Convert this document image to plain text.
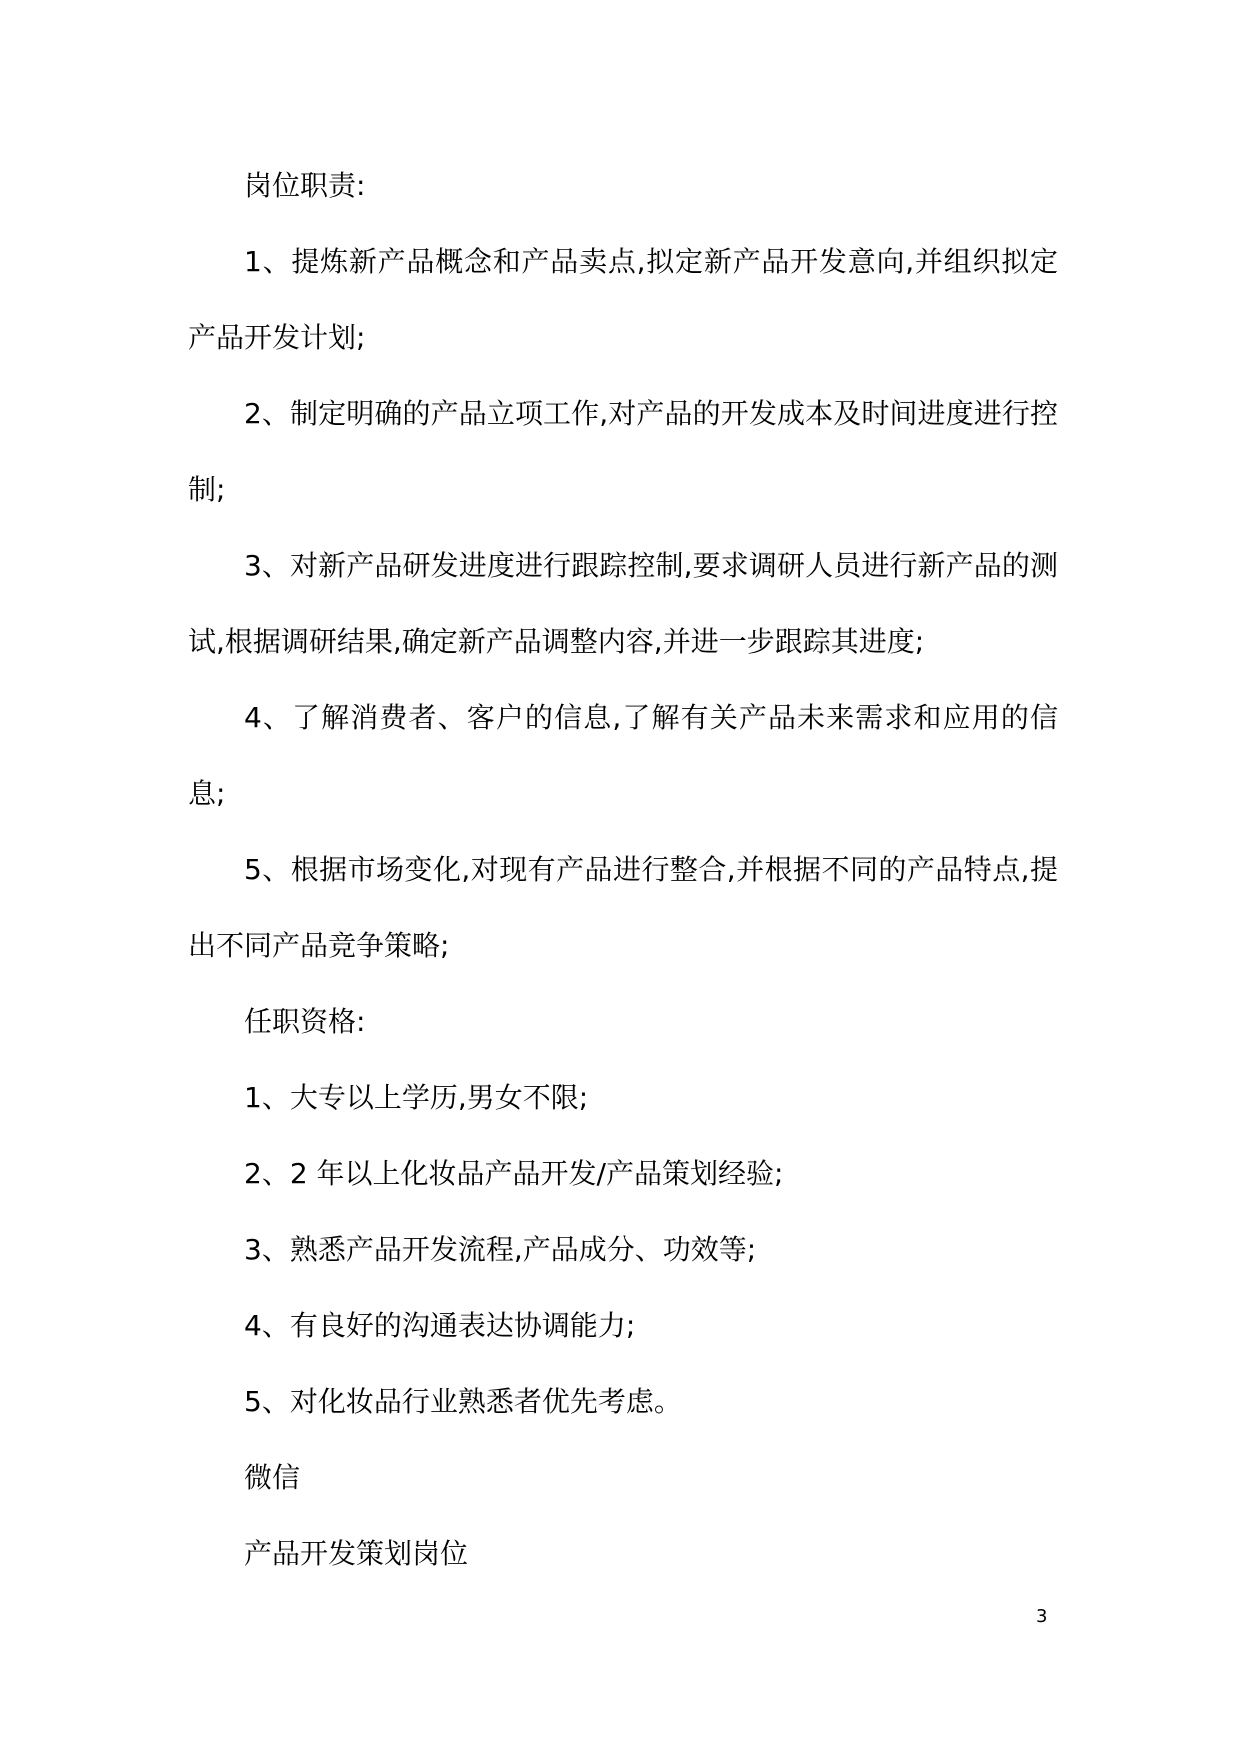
岗位职责:

1、提炼新产品概念和产品卖点,拟定新产品开发意向,并组织拟定产品开发计划;

2、制定明确的产品立项工作,对产品的开发成本及时间进度进行控制;

3、对新产品研发进度进行跟踪控制,要求调研人员进行新产品的测试,根据调研结果,确定新产品调整内容,并进一步跟踪其进度;

4、了解消费者、客户的信息,了解有关产品未来需求和应用的信息;

5、根据市场变化,对现有产品进行整合,并根据不同的产品特点,提出不同产品竞争策略;

任职资格:

1、大专以上学历,男女不限;

2、2 年以上化妆品产品开发/产品策划经验;

3、熟悉产品开发流程,产品成分、功效等;

4、有良好的沟通表达协调能力;

5、对化妆品行业熟悉者优先考虑。

微信

产品开发策划岗位

3
